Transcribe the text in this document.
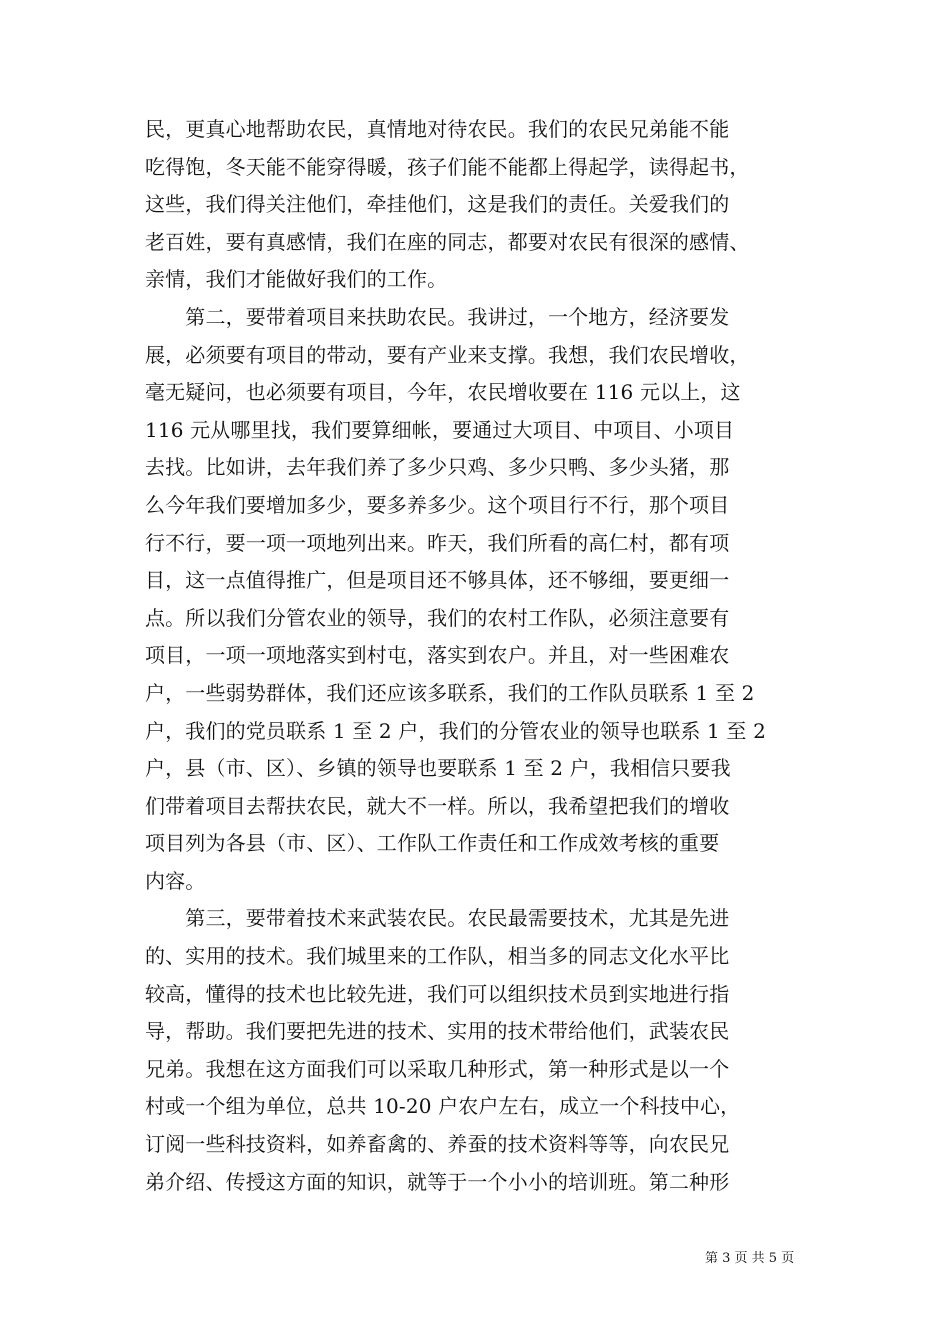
民，更真心地帮助农民，真情地对待农民。我们的农民兄弟能不能
吃得饱，冬天能不能穿得暖，孩子们能不能都上得起学，读得起书，
这些，我们得关注他们，牵挂他们，这是我们的责任。关爱我们的
老百姓，要有真感情，我们在座的同志，都要对农民有很深的感情、
亲情，我们才能做好我们的工作。
　　第二，要带着项目来扶助农民。我讲过，一个地方，经济要发
展，必须要有项目的带动，要有产业来支撑。我想，我们农民增收，
毫无疑问，也必须要有项目，今年，农民增收要在 116 元以上，这
116 元从哪里找，我们要算细帐，要通过大项目、中项目、小项目
去找。比如讲，去年我们养了多少只鸡、多少只鸭、多少头猪，那
么今年我们要增加多少，要多养多少。这个项目行不行，那个项目
行不行，要一项一项地列出来。昨天，我们所看的高仁村，都有项
目，这一点值得推广，但是项目还不够具体，还不够细，要更细一
点。所以我们分管农业的领导，我们的农村工作队，必须注意要有
项目，一项一项地落实到村屯，落实到农户。并且，对一些困难农
户，一些弱势群体，我们还应该多联系，我们的工作队员联系 1 至 2
户，我们的党员联系 1 至 2 户，我们的分管农业的领导也联系 1 至 2
户，县（市、区）、乡镇的领导也要联系 1 至 2 户，我相信只要我
们带着项目去帮扶农民，就大不一样。所以，我希望把我们的增收
项目列为各县（市、区）、工作队工作责任和工作成效考核的重要
内容。
　　第三，要带着技术来武装农民。农民最需要技术，尤其是先进
的、实用的技术。我们城里来的工作队，相当多的同志文化水平比
较高，懂得的技术也比较先进，我们可以组织技术员到实地进行指
导，帮助。我们要把先进的技术、实用的技术带给他们，武装农民
兄弟。我想在这方面我们可以采取几种形式，第一种形式是以一个
村或一个组为单位，总共 10-20 户农户左右，成立一个科技中心，
订阅一些科技资料，如养畜禽的、养蚕的技术资料等等，向农民兄
弟介绍、传授这方面的知识，就等于一个小小的培训班。第二种形
第 3 页 共 5 页
